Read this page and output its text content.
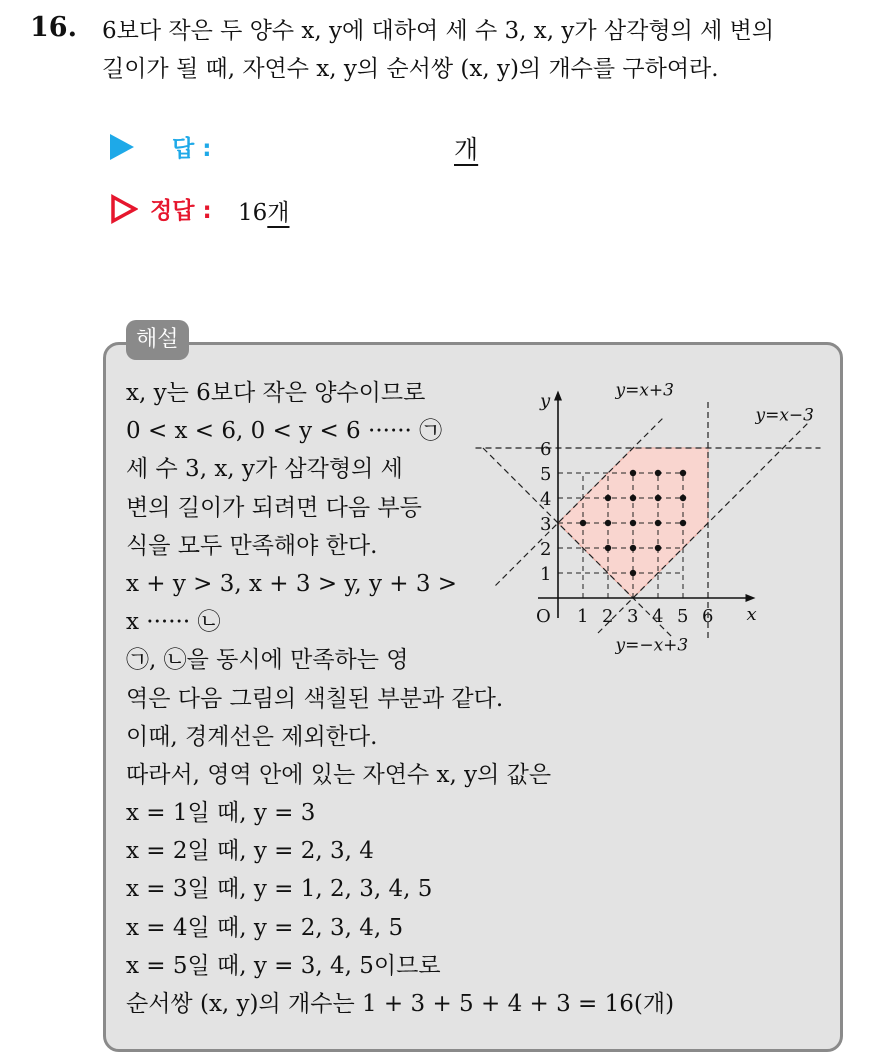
16. 6보다 작은 두 양수 x, y에 대하여 세 수 3, x, y가 삼각형의 세 변의
길이가 될 때, 자연수 x, y의 순서쌍 (x, y)의 개수를 구하여라.
답 :	개
정답 : 16개
해설
x, y는 6보다 작은 양수이므로
0 < x < 6, 0 < y < 6 ······ ㉠
세 수 3, x, y가 삼각형의 세
변의 길이가 되려면 다음 부등
식을 모두 만족해야 한다.
x + y > 3, x + 3 > y, y + 3 >
x ······ ㉡
㉠, ㉡을 동시에 만족하는 영
역은 다음 그림의 색칠된 부분과 같다.
이때, 경계선은 제외한다.
따라서, 영역 안에 있는 자연수 x, y의 값은
x = 1일 때, y = 3
x = 2일 때, y = 2, 3, 4
x = 3일 때, y = 1, 2, 3, 4, 5
x = 4일 때, y = 2, 3, 4, 5
x = 5일 때, y = 3, 4, 5이므로
순서쌍 (x, y)의 개수는 1 + 3 + 5 + 4 + 3 = 16(개)
1 2 3 4 5 6
1
2
3
4
5
6
O	x
y	y=x+3
y=x−3
y=−x+3
